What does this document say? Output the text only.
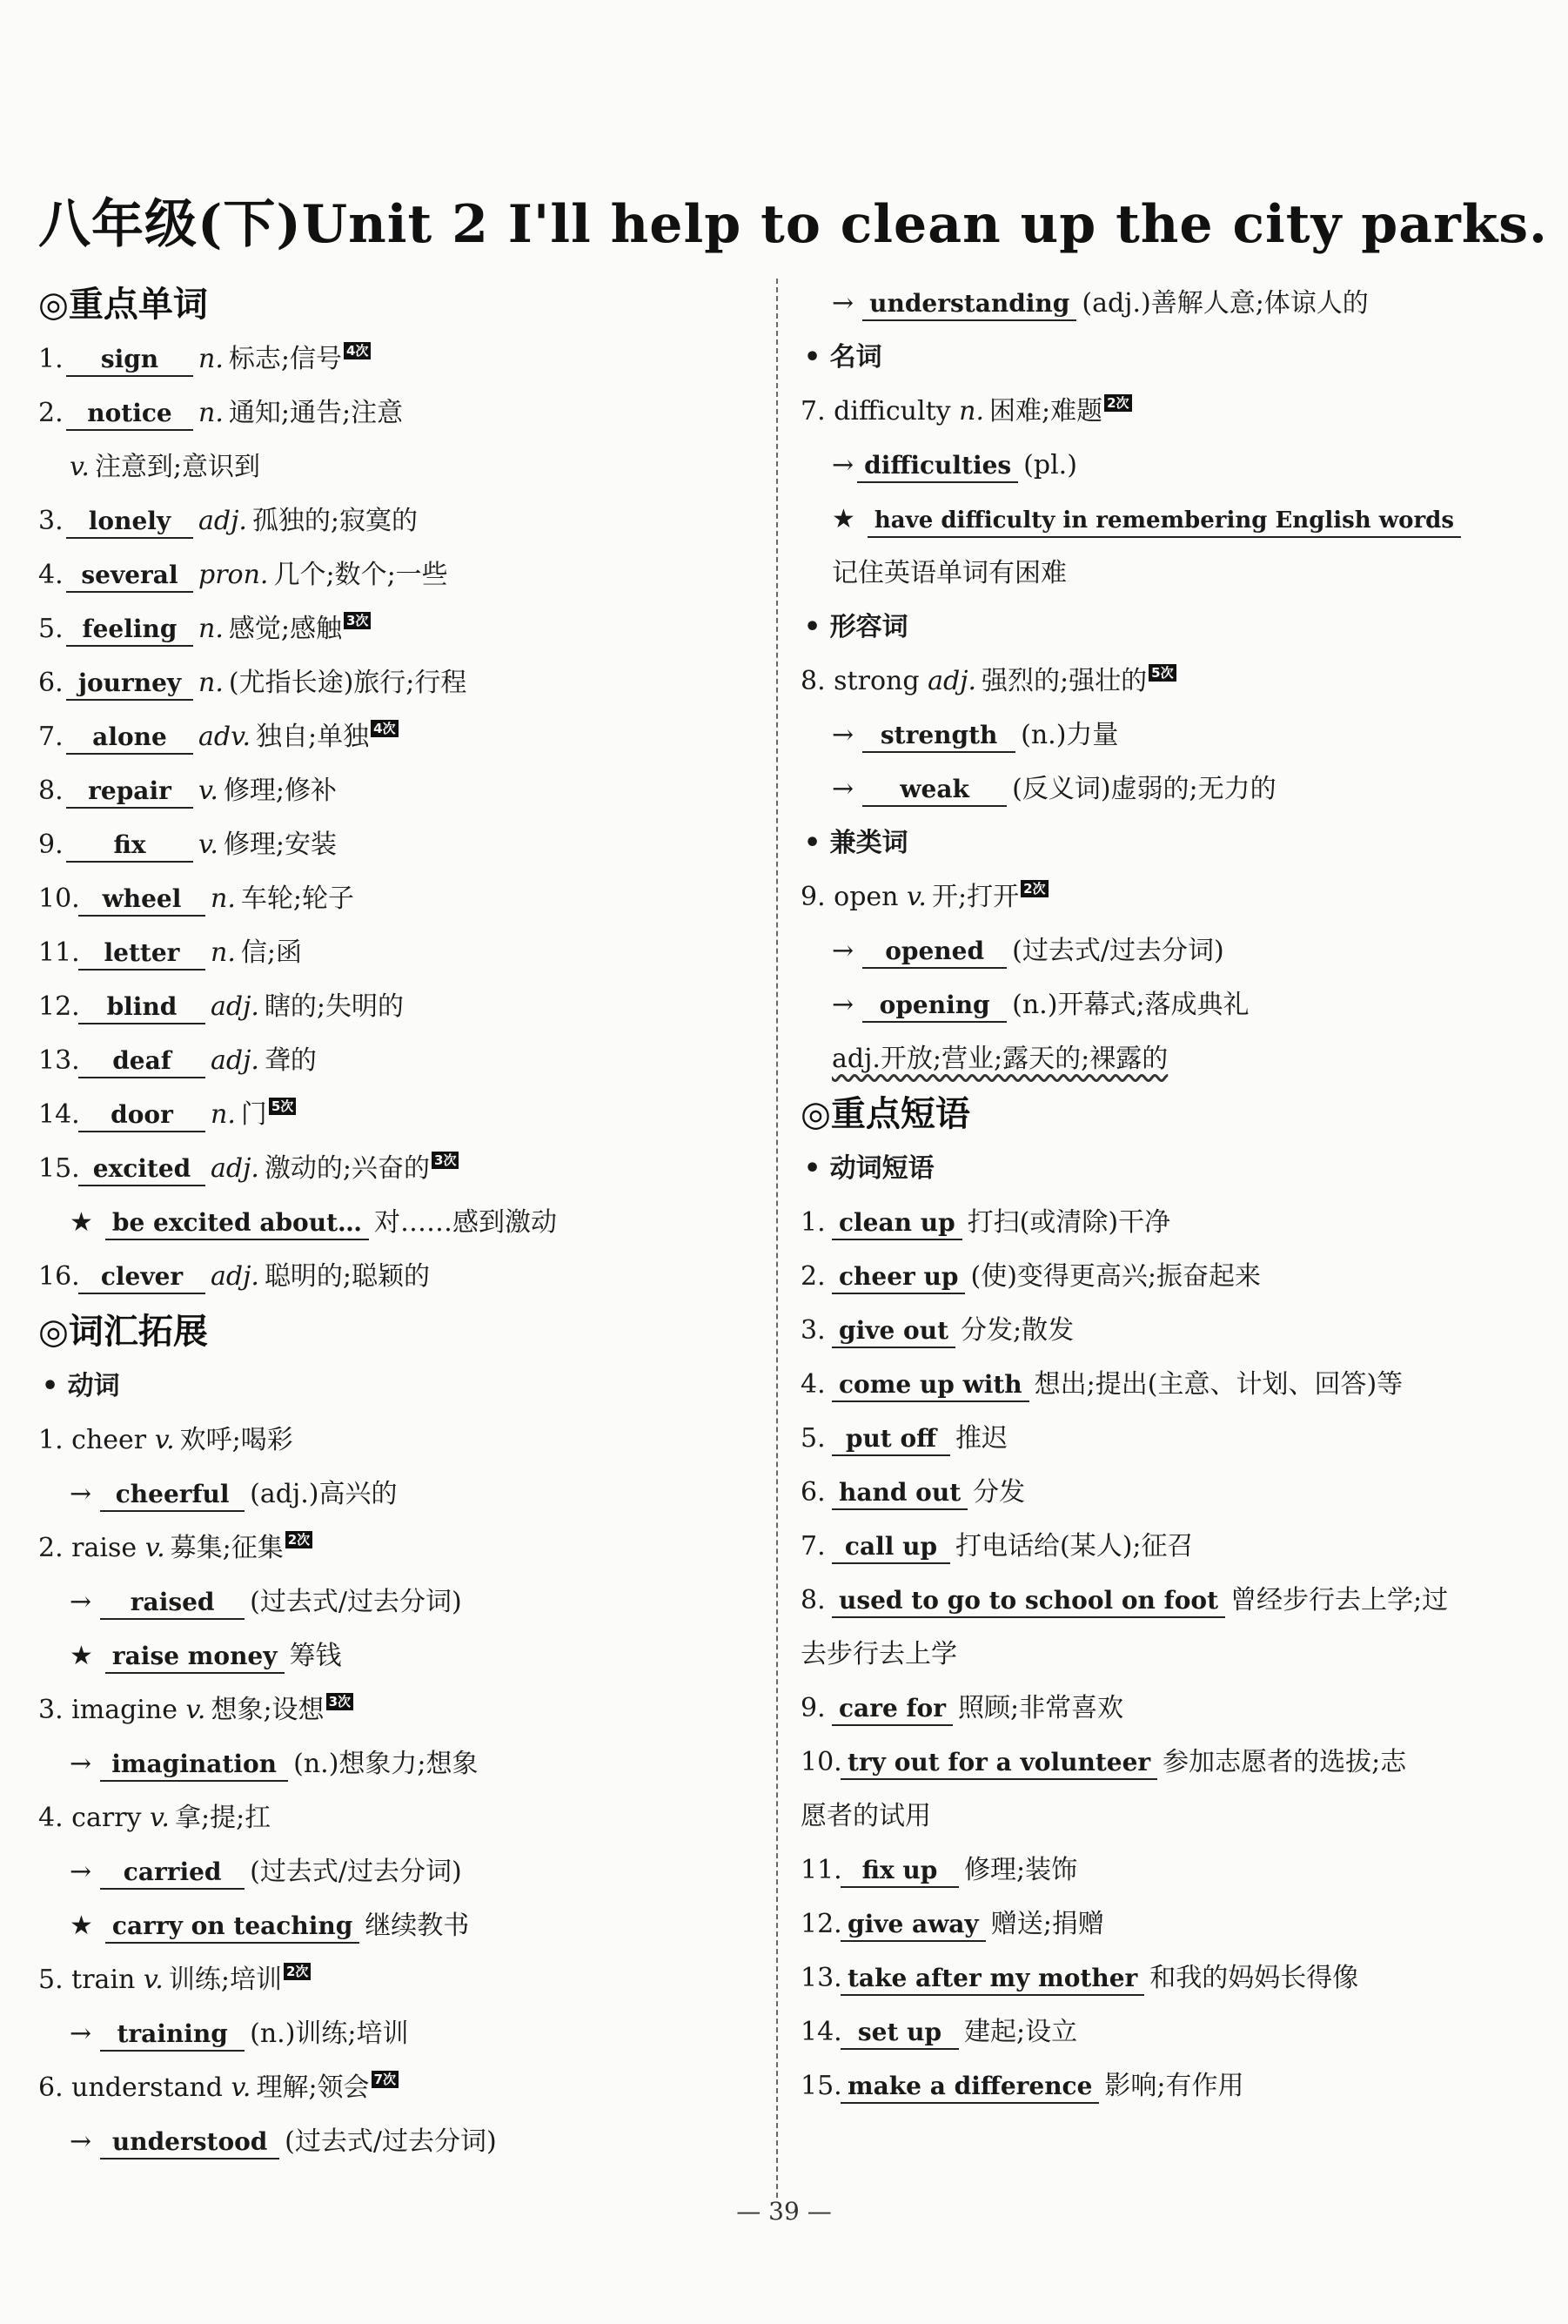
八年级(下)Unit 2 I'll help to clean up the city parks.
◎重点单词
1. sign n. 标志;信号 4次
2. notice n. 通知;通告;注意
v. 注意到;意识到
3. lonely adj. 孤独的;寂寞的
4. several pron. 几个;数个;一些
5. feeling n. 感觉;感触 3次
6. journey n. (尤指长途)旅行;行程
7. alone adv. 独自;单独 4次
8. repair v. 修理;修补
9. fix v. 修理;安装
10. wheel n. 车轮;轮子
11. letter n. 信;函
12. blind adj. 瞎的;失明的
13. deaf adj. 聋的
14. door n. 门 5次
15. excited adj. 激动的;兴奋的 3次
★ be excited about… 对……感到激动
16. clever adj. 聪明的;聪颖的
◎词汇拓展
• 动词
1. cheer v. 欢呼;喝彩
→ cheerful (adj.)高兴的
2. raise v. 募集;征集 2次
→ raised (过去式/过去分词)
★ raise money 筹钱
3. imagine v. 想象;设想 3次
→ imagination (n.)想象力;想象
4. carry v. 拿;提;扛
→ carried (过去式/过去分词)
★ carry on teaching 继续教书
5. train v. 训练;培训 2次
→ training (n.)训练;培训
6. understand v. 理解;领会 7次
→ understood (过去式/过去分词)
→ understanding (adj.)善解人意;体谅人的
• 名词
7. difficulty n. 困难;难题 2次
→ difficulties (pl.)
★ have difficulty in remembering English words
记住英语单词有困难
• 形容词
8. strong adj. 强烈的;强壮的 5次
→ strength (n.)力量
→ weak (反义词)虚弱的;无力的
• 兼类词
9. open v. 开;打开 2次
→ opened (过去式/过去分词)
→ opening (n.)开幕式;落成典礼
adj.开放;营业;露天的;裸露的
◎重点短语
• 动词短语
1. clean up 打扫(或清除)干净
2. cheer up (使)变得更高兴;振奋起来
3. give out 分发;散发
4. come up with 想出;提出(主意、计划、回答)等
5. put off 推迟
6. hand out 分发
7. call up 打电话给(某人);征召
8. used to go to school on foot 曾经步行去上学;过
去步行去上学
9. care for 照顾;非常喜欢
10. try out for a volunteer 参加志愿者的选拔;志
愿者的试用
11. fix up 修理;装饰
12. give away 赠送;捐赠
13. take after my mother 和我的妈妈长得像
14. set up 建起;设立
15. make a difference 影响;有作用
— 39 —
